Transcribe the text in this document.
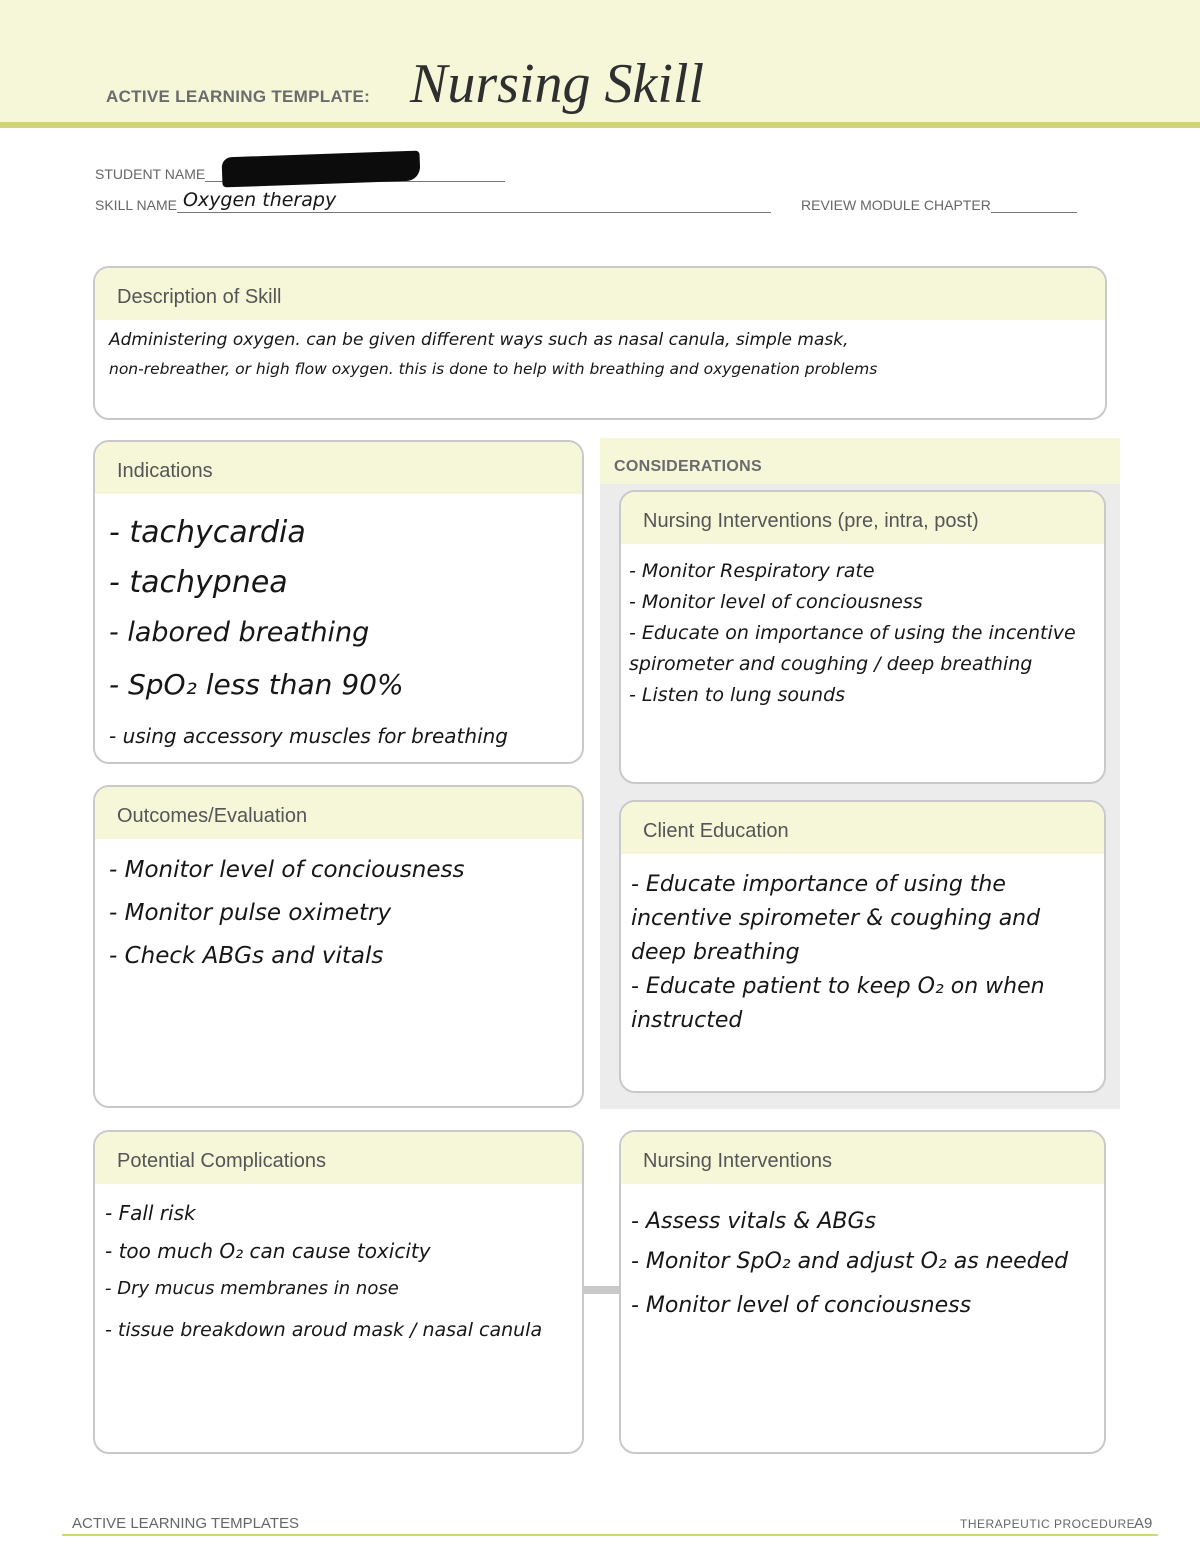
ACTIVE LEARNING TEMPLATE: Nursing Skill
STUDENT NAME
SKILL NAME Oxygen therapy	REVIEW MODULE CHAPTER
Description of Skill

Administering oxygen. can be given different ways such as nasal canula, simple mask,

non-rebreather, or high flow oxygen. this is done to help with breathing and oxygenation problems

Indications

- tachycardia

- tachypnea

- labored breathing

- SpO₂ less than 90%

- using accessory muscles for breathing

Outcomes/Evaluation

- Monitor level of conciousness

- Monitor pulse oximetry

- Check ABGs and vitals

CONSIDERATIONS
Nursing Interventions (pre, intra, post)

- Monitor Respiratory rate

- Monitor level of conciousness

- Educate on importance of using the incentive spirometer and coughing / deep breathing

- Listen to lung sounds

Client Education

- Educate importance of using the incentive spirometer & coughing and deep breathing

- Educate patient to keep O₂ on when instructed

Potential Complications

- Fall risk

- too much O₂ can cause toxicity

- Dry mucus membranes in nose

- tissue breakdown aroud mask / nasal canula

Nursing Interventions

- Assess vitals & ABGs

- Monitor SpO₂ and adjust O₂ as needed

- Monitor level of conciousness

ACTIVE LEARNING TEMPLATES	THERAPEUTIC PROCEDURE
A9
